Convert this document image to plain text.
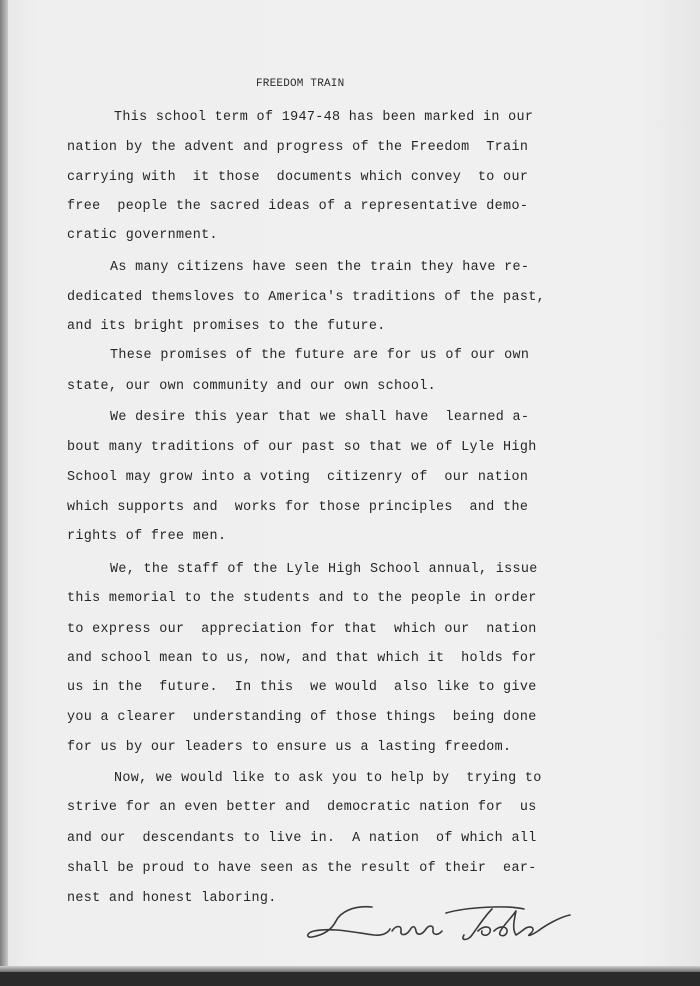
FREEDOM TRAIN
This school term of 1947-48 has been marked in our
nation by the advent and progress of the Freedom  Train
carrying with  it those  documents which convey  to our
free  people the sacred ideas of a representative demo-
cratic government.
As many citizens have seen the train they have re-
dedicated themsloves to America's traditions of the past,
and its bright promises to the future.
These promises of the future are for us of our own
state, our own community and our own school.
We desire this year that we shall have  learned a-
bout many traditions of our past so that we of Lyle High
School may grow into a voting  citizenry of  our nation
which supports and  works for those principles  and the
rights of free men.
We, the staff of the Lyle High School annual, issue
this memorial to the students and to the people in order
to express our  appreciation for that  which our  nation
and school mean to us, now, and that which it  holds for
us in the  future.  In this  we would  also like to give
you a clearer  understanding of those things  being done
for us by our leaders to ensure us a lasting freedom.
Now, we would like to ask you to help by  trying to
strive for an even better and  democratic nation for  us
and our  descendants to live in.  A nation  of which all
shall be proud to have seen as the result of their  ear-
nest and honest laboring.
